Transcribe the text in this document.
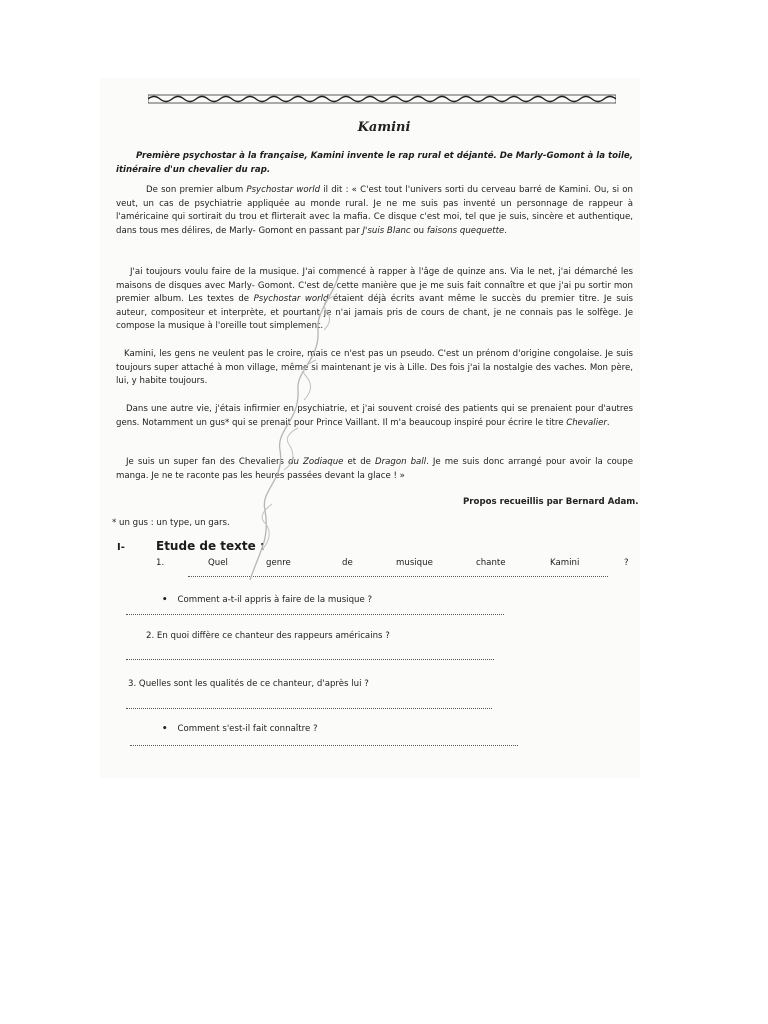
Kamini
Première psychostar à la française, Kamini invente le rap rural et déjanté. De Marly-Gomont à la toile, itinéraire d'un chevalier du rap.
De son premier album Psychostar world il dit : « C'est tout l'univers sorti du cerveau barré de Kamini. Ou, si on veut, un cas de psychiatrie appliquée au monde rural. Je ne me suis pas inventé un personnage de rappeur à l'américaine qui sortirait du trou et flirterait avec la mafia. Ce disque c'est moi, tel que je suis, sincère et authentique, dans tous mes délires, de Marly- Gomont en passant par J'suis Blanc ou faisons quequette.
J'ai toujours voulu faire de la musique. J'ai commencé à rapper à l'âge de quinze ans. Via le net, j'ai démarché les maisons de disques avec Marly- Gomont. C'est de cette manière que je me suis fait connaître et que j'ai pu sortir mon premier album. Les textes de Psychostar world étaient déjà écrits avant même le succès du premier titre. Je suis auteur, compositeur et interprète, et pourtant je n'ai jamais pris de cours de chant, je ne connais pas le solfège. Je compose la musique à l'oreille tout simplement.
Kamini, les gens ne veulent pas le croire, mais ce n'est pas un pseudo. C'est un prénom d'origine congolaise. Je suis toujours super attaché à mon village, même si maintenant je vis à Lille. Des fois j'ai la nostalgie des vaches. Mon père, lui, y habite toujours.
Dans une autre vie, j'étais infirmier en psychiatrie, et j'ai souvent croisé des patients qui se prenaient pour d'autres gens. Notamment un gus* qui se prenait pour Prince Vaillant. Il m'a beaucoup inspiré pour écrire le titre Chevalier.
Je suis un super fan des Chevaliers du Zodiaque et de Dragon ball. Je me suis donc arrangé pour avoir la coupe manga. Je ne te raconte pas les heures passées devant la glace ! »
Propos recueillis par Bernard Adam.
* un gus : un type, un gars.
I-	Etude de texte :
1.	Quel	genre	de	musique	chante	Kamini	?
• Comment a-t-il appris à faire de la musique ?
2. En quoi diffère ce chanteur des rappeurs américains ?
3. Quelles sont les qualités de ce chanteur, d'après lui ?
• Comment s'est-il fait connaître ?
